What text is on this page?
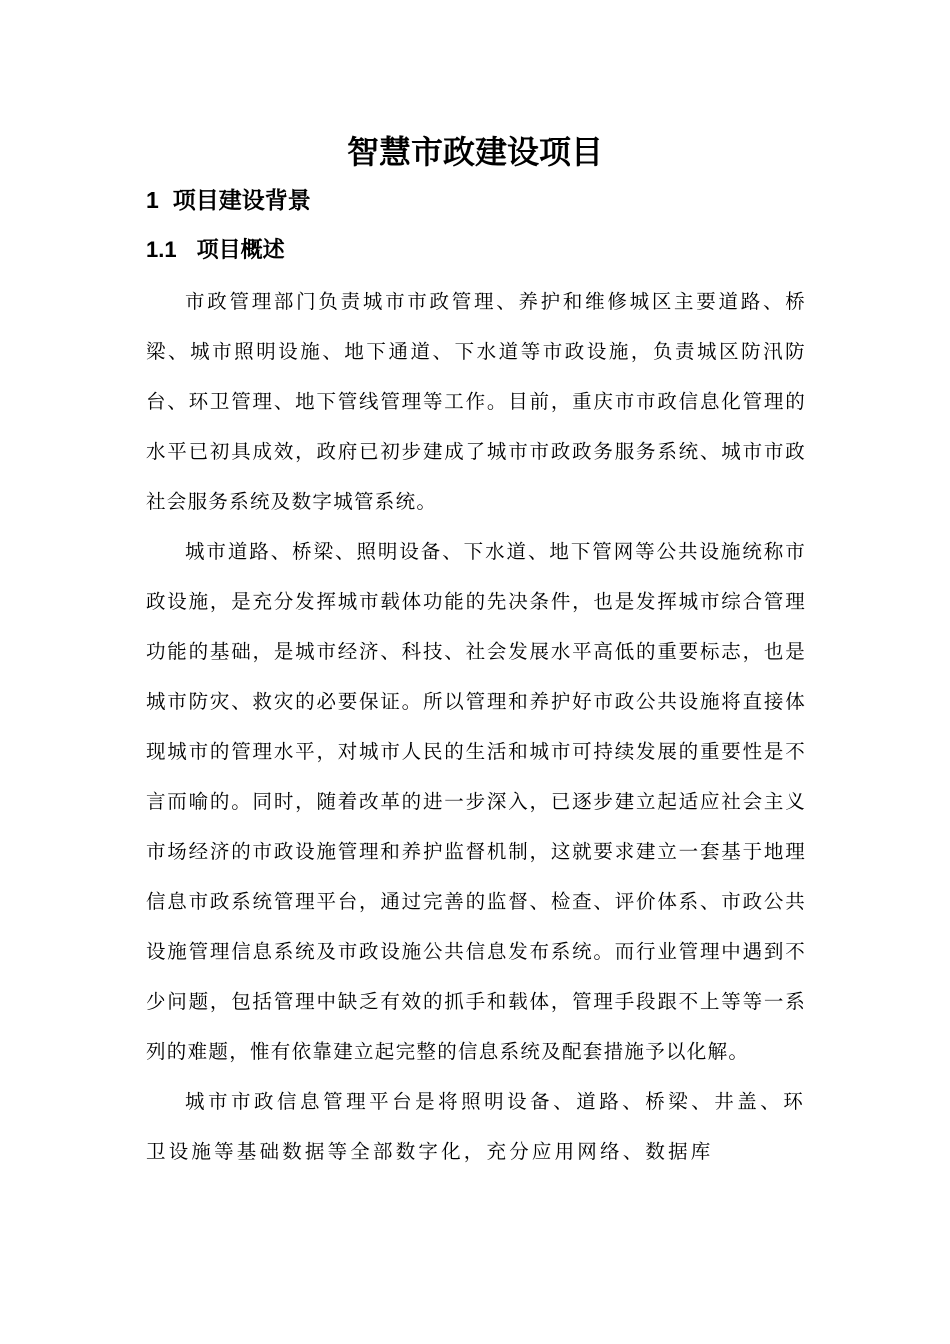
智慧市政建设项目
1 项目建设背景
1.1 项目概述

市政管理部门负责城市市政管理、养护和维修城区主要道路、桥梁、城市照明设施、地下通道、下水道等市政设施，负责城区防汛防台、环卫管理、地下管线管理等工作。目前，重庆市市政信息化管理的水平已初具成效，政府已初步建成了城市市政政务服务系统、城市市政社会服务系统及数字城管系统。

城市道路、桥梁、照明设备、下水道、地下管网等公共设施统称市政设施，是充分发挥城市载体功能的先决条件，也是发挥城市综合管理功能的基础，是城市经济、科技、社会发展水平高低的重要标志，也是城市防灾、救灾的必要保证。所以管理和养护好市政公共设施将直接体现城市的管理水平，对城市人民的生活和城市可持续发展的重要性是不言而喻的。同时，随着改革的进一步深入，已逐步建立起适应社会主义市场经济的市政设施管理和养护监督机制，这就要求建立一套基于地理信息市政系统管理平台，通过完善的监督、检查、评价体系、市政公共设施管理信息系统及市政设施公共信息发布系统。而行业管理中遇到不少问题，包括管理中缺乏有效的抓手和载体，管理手段跟不上等等一系列的难题，惟有依靠建立起完整的信息系统及配套措施予以化解。

城市市政信息管理平台是将照明设备、道路、桥梁、井盖、环卫设施等基础数据等全部数字化，充分应用网络、数据库
